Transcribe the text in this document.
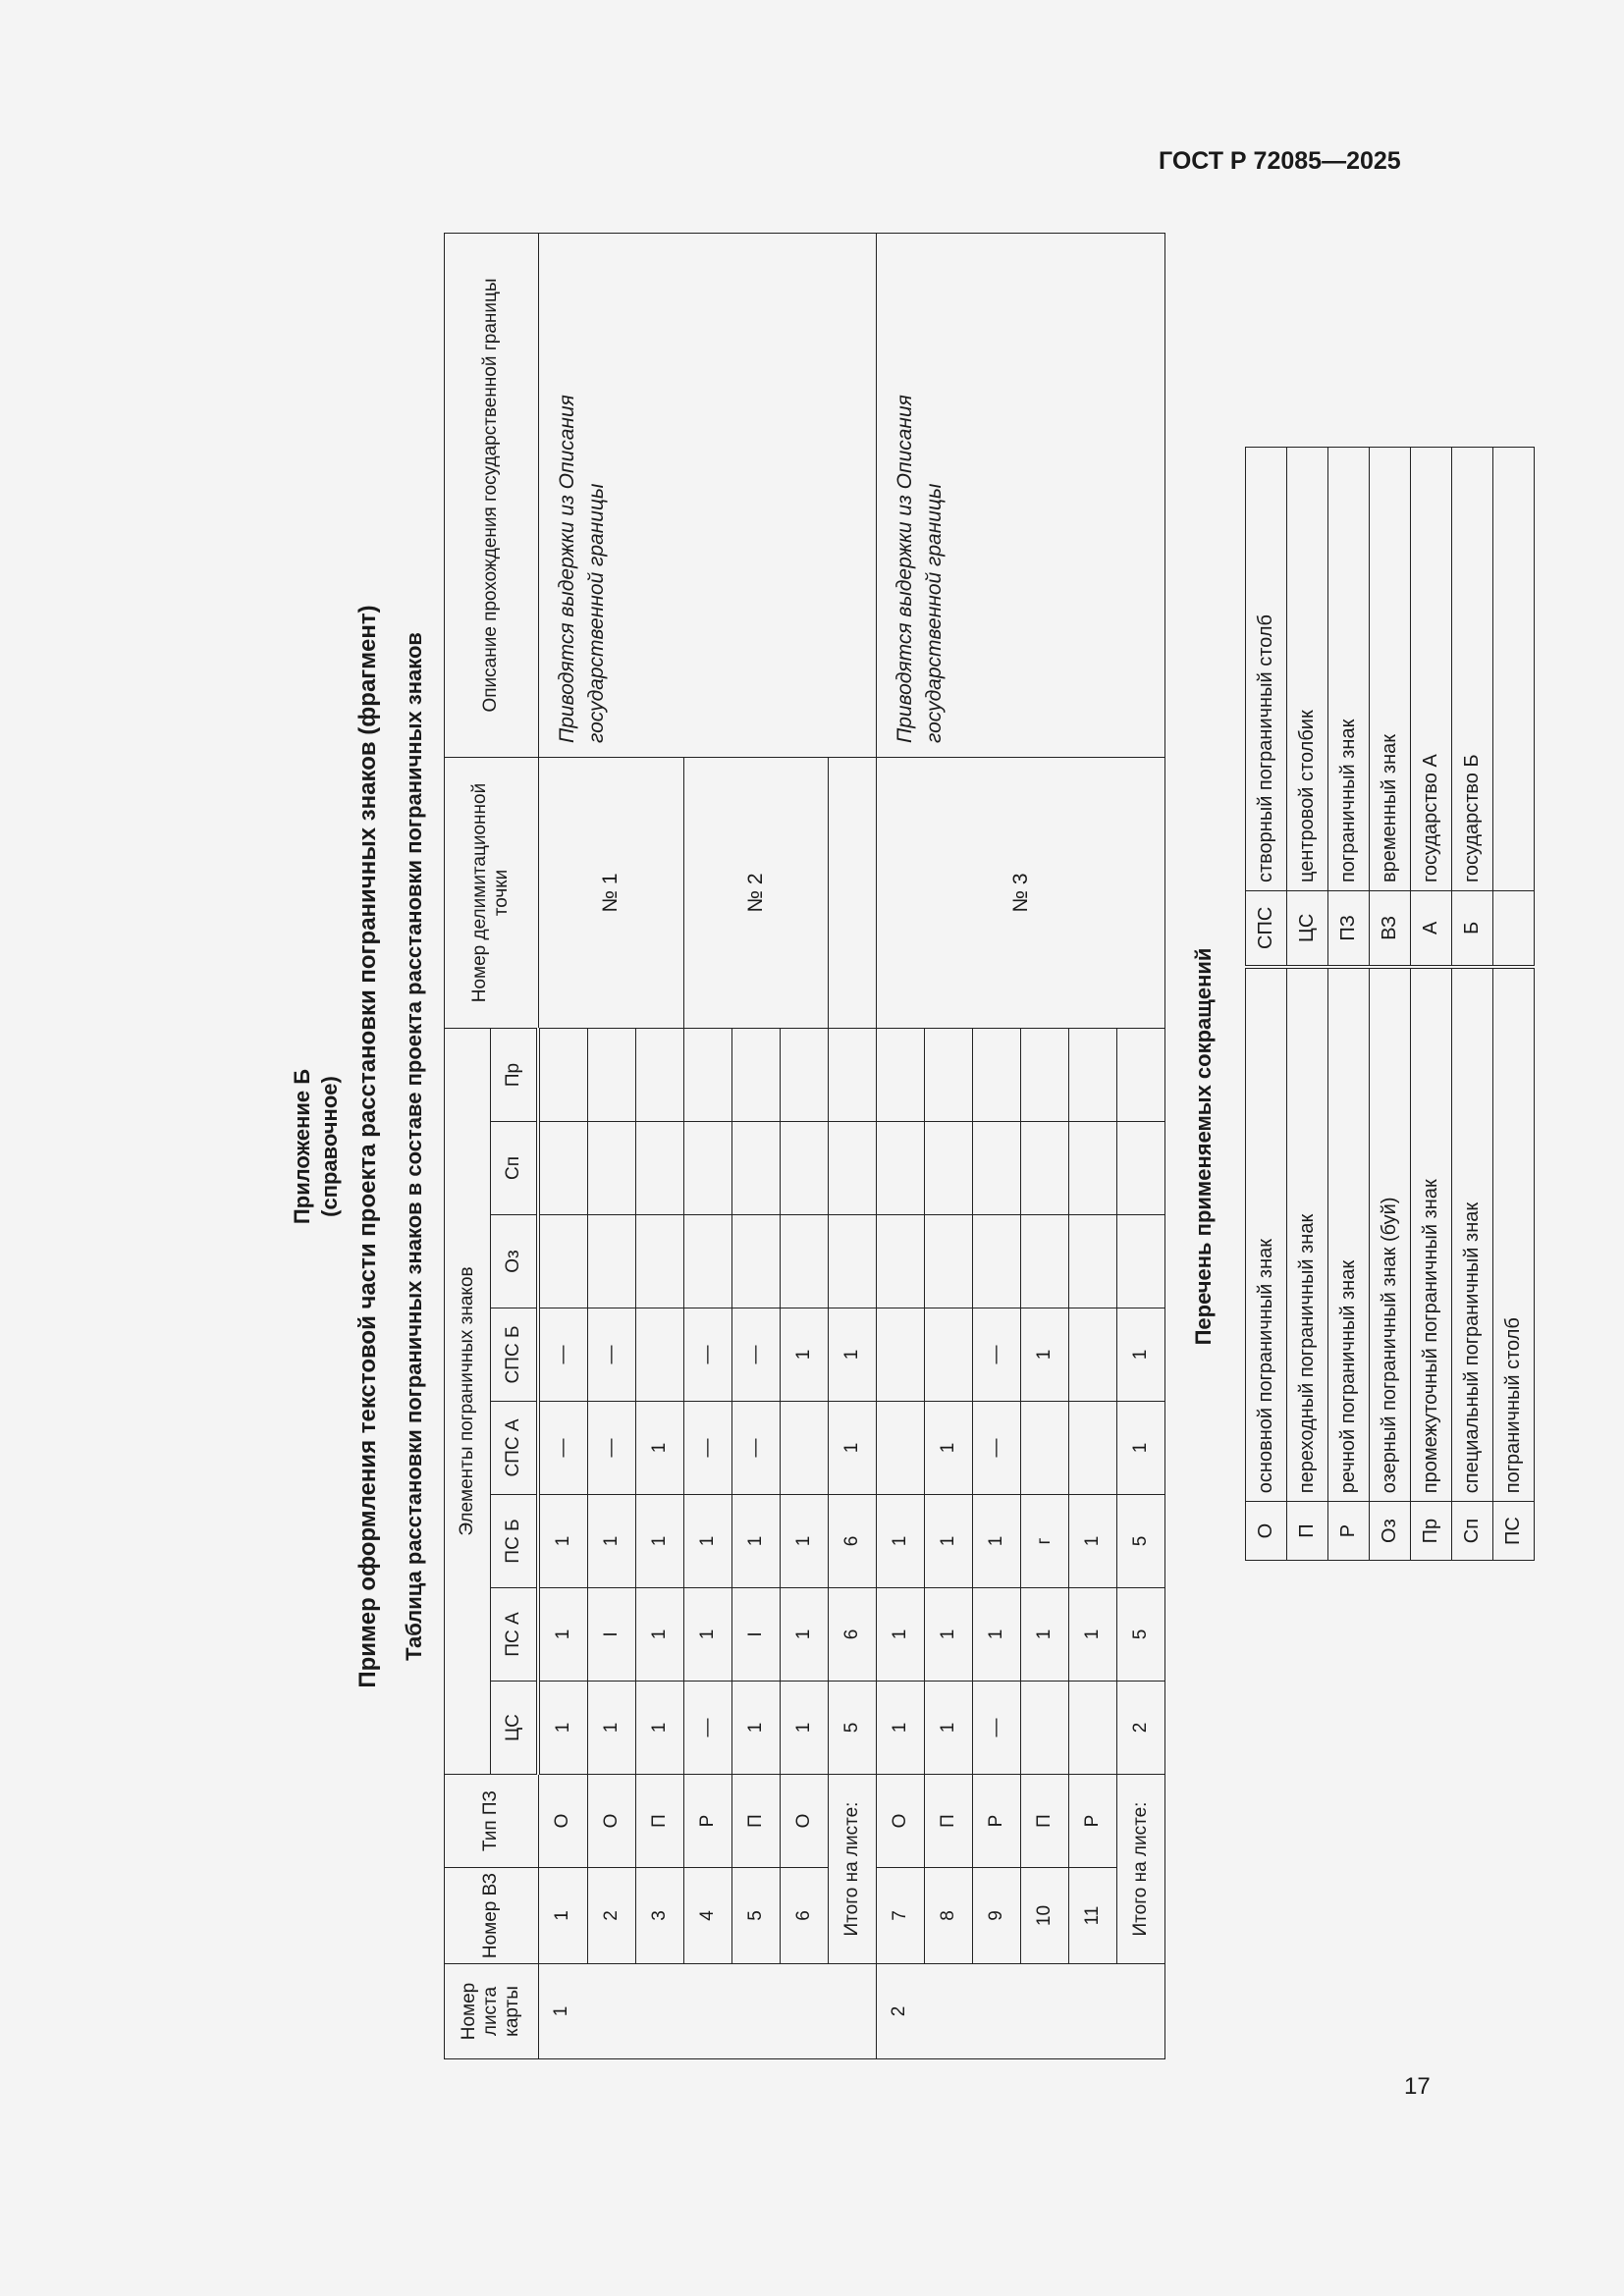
ГОСТ Р 72085—2025
17
Приложение Б (справочное) Пример оформления текстовой части проекта расстановки пограничных знаков (фрагмент) Таблица расстановки пограничных знаков в составе проекта расстановки пограничных знаков
Номер листа карты	Номер ВЗ	Тип ПЗ	Элементы пограничных знаков								Номер делимитационной точки	Описание прохождения государственной границы
			ЦС	ПС А	ПС Б	СПС А	СПС Б	Оз	Сп	Пр		
1	1	О	1	1	1	—	—				№ 1	Приводятся выдержки из Описания государственной границы
	2	О	1	I	1	—	—					
	3	П	1	1	1	1						
	4	Р	—	1	1	—	—				№ 2	
	5	П	1	I	1	—	—					
	6	О	1	1	1		1					
	Итого на листе:		5	6	6	1	1					
2	7	О	1	1	1						№ 3	Приводятся выдержки из Описания государственной границы
	8	П	1	1	1	1						
	9	Р	—	1	1	—	—					
	10	П		1	г		1					
	11	Р		1	1							
	Итого на листе:		2	5	5	1	1					
Перечень применяемых сокращений
О	основной пограничный знак	СПС	створный пограничный столб
П	переходный пограничный знак	ЦС	центровой столбик
Р	речной пограничный знак	ПЗ	пограничный знак
Оз	озерный пограничный знак (буй)	ВЗ	временный знак
Пр	промежуточный пограничный знак	А	государство А
Сп	специальный пограничный знак	Б	государство Б
ПС	пограничный столб		
